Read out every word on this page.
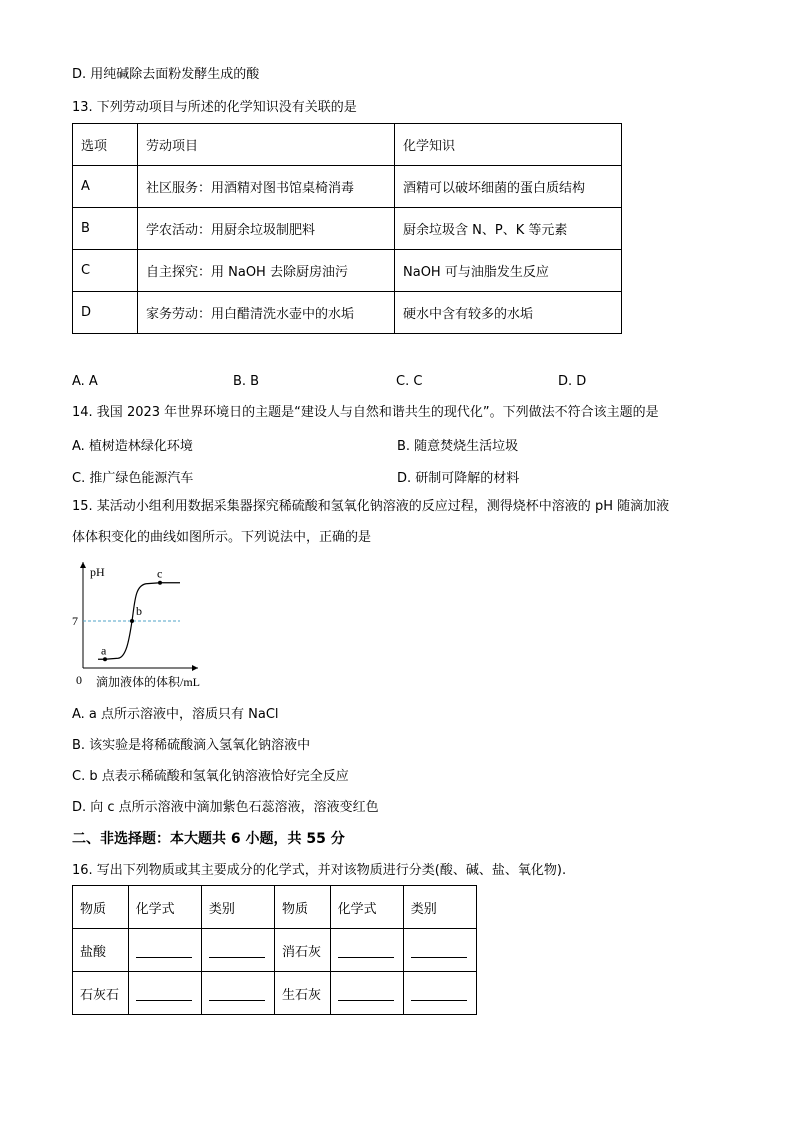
D. 用纯碱除去面粉发酵生成的酸
13. 下列劳动项目与所述的化学知识没有关联的是
选项	劳动项目	化学知识
A	社区服务：用酒精对图书馆桌椅消毒	酒精可以破坏细菌的蛋白质结构
B	学农活动：用厨余垃圾制肥料	厨余垃圾含 N、P、K 等元素
C	自主探究：用 NaOH 去除厨房油污	NaOH 可与油脂发生反应
D	家务劳动：用白醋清洗水壶中的水垢	硬水中含有较多的水垢
A. A	B. B	C. C	D. D
14. 我国 2023 年世界环境日的主题是“建设人与自然和谐共生的现代化”。下列做法不符合该主题的是
A. 植树造林绿化环境	B. 随意焚烧生活垃圾
C. 推广绿色能源汽车	D. 研制可降解的材料
15. 某活动小组利用数据采集器探究稀硫酸和氢氧化钠溶液的反应过程，测得烧杯中溶液的 pH 随滴加液
体体积变化的曲线如图所示。下列说法中，正确的是
pH
0 滴加液体的体积/mL
7
a
b
c
A. a 点所示溶液中，溶质只有 NaCl
B. 该实验是将稀硫酸滴入氢氧化钠溶液中
C. b 点表示稀硫酸和氢氧化钠溶液恰好完全反应
D. 向 c 点所示溶液中滴加紫色石蕊溶液，溶液变红色
二、非选择题：本大题共 6 小题，共 55 分
16. 写出下列物质或其主要成分的化学式，并对该物质进行分类(酸、碱、盐、氧化物).
物质	化学式	类别	物质	化学式	类别
盐酸			消石灰		
石灰石			生石灰		
